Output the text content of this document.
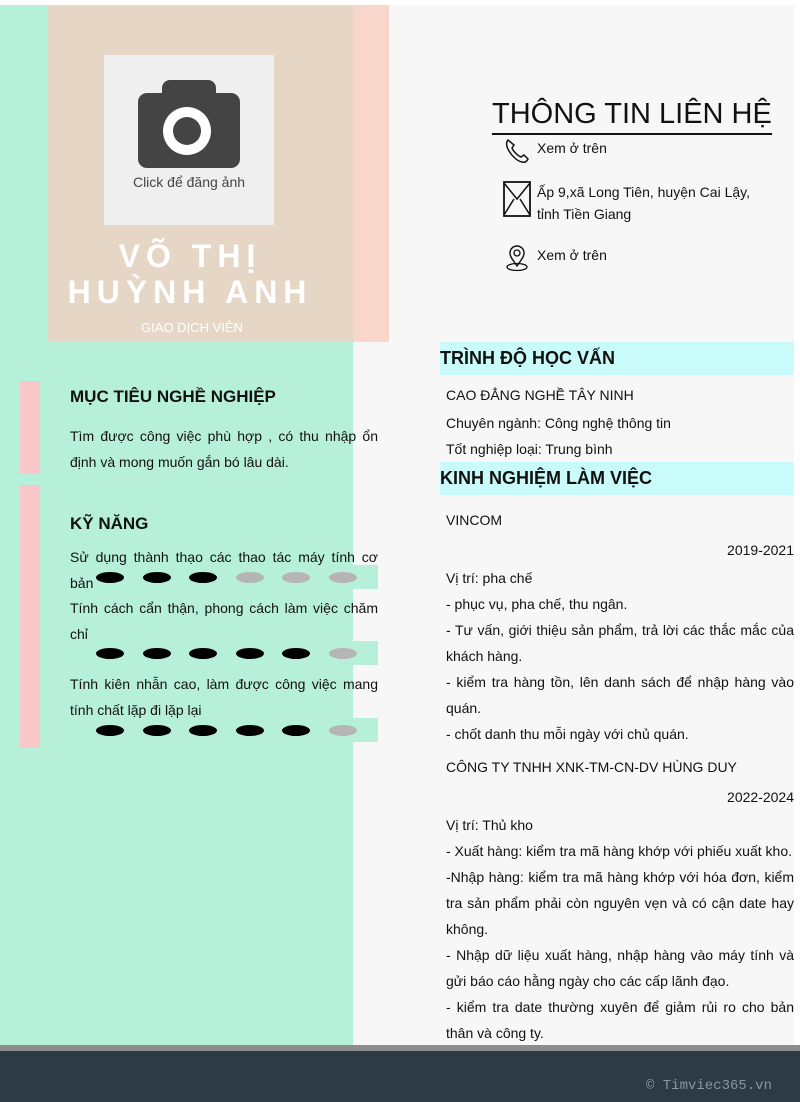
Click để đăng ảnh
VÕ THỊ HUỲNH ANH
GIAO DỊCH VIÊN
THÔNG TIN LIÊN HỆ
Xem ở trên
Ấp 9,xã Long Tiên, huyện Cai Lậy, tỉnh Tiền Giang
Xem ở trên
MỤC TIÊU NGHỀ NGHIỆP
Tìm được công việc phù hợp , có thu nhập ổn định và mong muốn gắn bó lâu dài.
KỸ NĂNG
Sử dụng thành thạo các thao tác máy tính cơ bản
Tính cách cẩn thận, phong cách làm việc chăm chỉ
Tính kiên nhẫn cao, làm được công việc mang tính chất lặp đi lặp lại
TRÌNH ĐỘ HỌC VẤN
CAO ĐẲNG NGHỀ TÂY NINH
Chuyên ngành: Công nghệ thông tin
Tốt nghiệp loại: Trung bình
KINH NGHIỆM LÀM VIỆC
VINCOM
2019-2021
Vị trí: pha chế
- phục vụ, pha chế, thu ngân.
- Tư vấn, giới thiệu sản phẩm, trả lời các thắc mắc của khách hàng.
- kiểm tra hàng tồn, lên danh sách để nhập hàng vào quán.
- chốt danh thu mỗi ngày với chủ quán.
CÔNG TY TNHH XNK-TM-CN-DV HÙNG DUY
2022-2024
Vị trí: Thủ kho
- Xuất hàng: kiểm tra mã hàng khớp với phiếu xuất kho.
-Nhập hàng: kiểm tra mã hàng khớp với hóa đơn, kiểm tra sản phẩm phải còn nguyên vẹn và có cận date hay không.
- Nhập dữ liệu xuất hàng, nhập hàng vào máy tính và gửi báo cáo hằng ngày cho các cấp lãnh đạo.
- kiểm tra date thường xuyên để giảm rủi ro cho bản thân và công ty.
© Timviec365.vn
